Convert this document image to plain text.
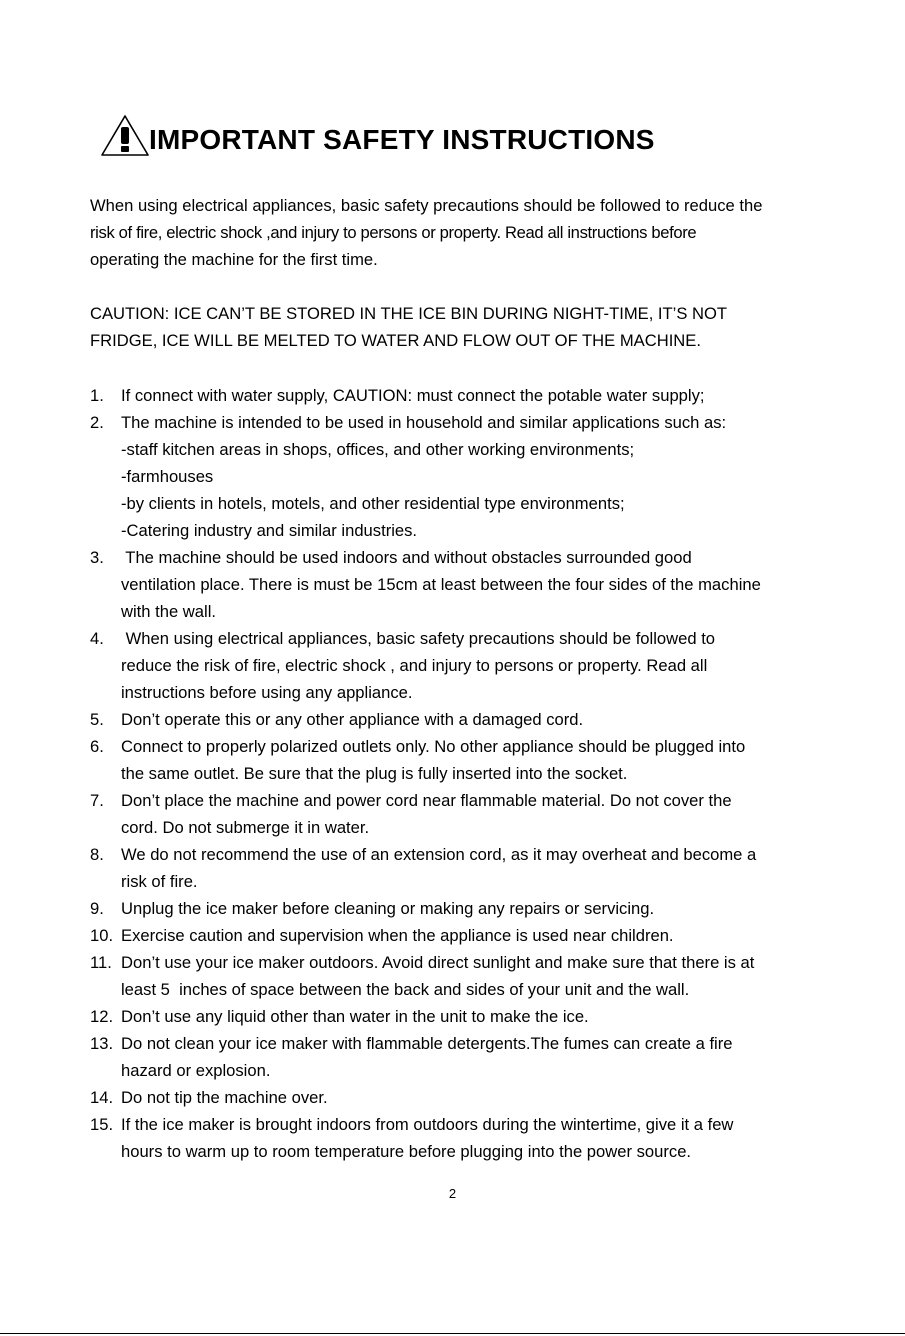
IMPORTANT SAFETY INSTRUCTIONS

When using electrical appliances, basic safety precautions should be followed to reduce the
risk of fire, electric shock ,and injury to persons or property. Read all instructions before
operating the machine for the first time.

CAUTION: ICE CAN’T BE STORED IN THE ICE BIN DURING NIGHT-TIME, IT’S NOT
FRIDGE, ICE WILL BE MELTED TO WATER AND FLOW OUT OF THE MACHINE.

1.	If connect with water supply, CAUTION: must connect the potable water supply;
2.	The machine is intended to be used in household and similar applications such as:
-staff kitchen areas in shops, offices, and other working environments;
-farmhouses
-by clients in hotels, motels, and other residential type environments;
-Catering industry and similar industries.
3.	The machine should be used indoors and without obstacles surrounded good
ventilation place. There is must be 15cm at least between the four sides of the machine
with the wall.
4.	When using electrical appliances, basic safety precautions should be followed to
reduce the risk of fire, electric shock , and injury to persons or property. Read all
instructions before using any appliance.
5.	Don’t operate this or any other appliance with a damaged cord.
6.	Connect to properly polarized outlets only. No other appliance should be plugged into
the same outlet. Be sure that the plug is fully inserted into the socket.
7.	Don’t place the machine and power cord near flammable material. Do not cover the
cord. Do not submerge it in water.
8.	We do not recommend the use of an extension cord, as it may overheat and become a
risk of fire.
9.	Unplug the ice maker before cleaning or making any repairs or servicing.
10. Exercise caution and supervision when the appliance is used near children.
11. Don’t use your ice maker outdoors. Avoid direct sunlight and make sure that there is at
least 5  inches of space between the back and sides of your unit and the wall.
12. Don’t use any liquid other than water in the unit to make the ice.
13. Do not clean your ice maker with flammable detergents.The fumes can create a fire
hazard or explosion.
14. Do not tip the machine over.
15. If the ice maker is brought indoors from outdoors during the wintertime, give it a few
hours to warm up to room temperature before plugging into the power source.
2
